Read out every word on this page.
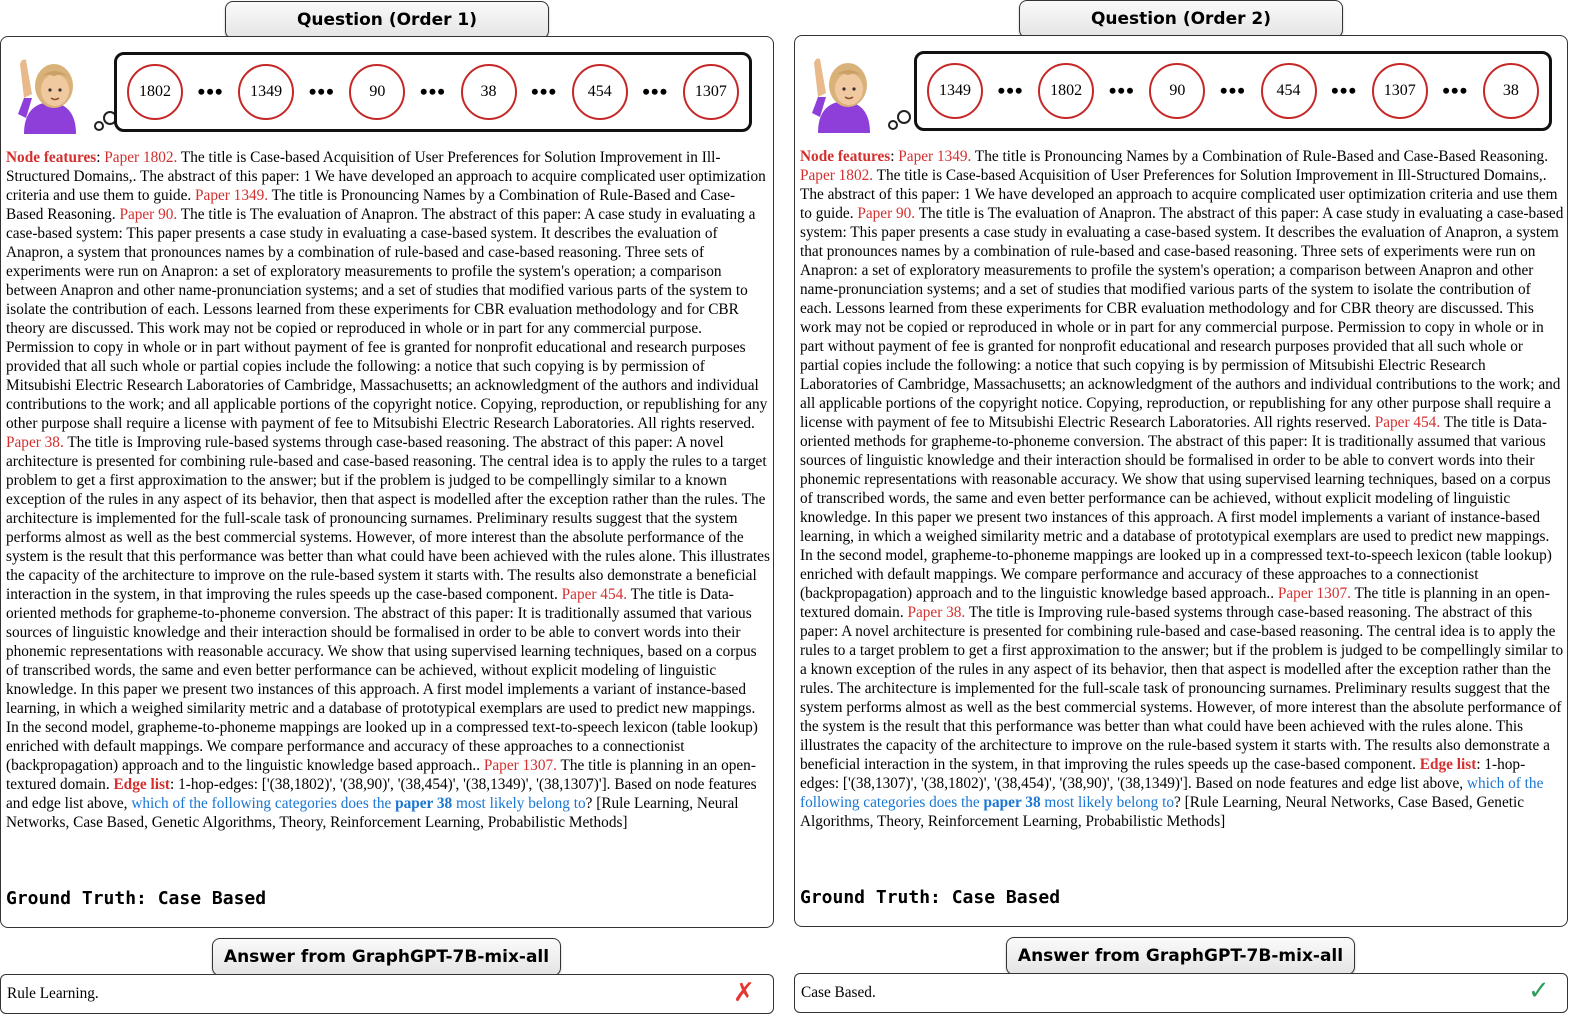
Question (Order 1)
1802	•••	1349	•••	90	•••	38	•••	454	•••	1307
Node features: Paper 1802. The title is Case-based Acquisition of User Preferences for Solution Improvement in Ill-Structured Domains,. The abstract of this paper: 1 We have developed an approach to acquire complicated user optimization criteria and use them to guide. Paper 1349. The title is Pronouncing Names by a Combination of Rule-Based and Case-Based Reasoning. Paper 90. The title is The evaluation of Anapron. The abstract of this paper: A case study in evaluating a case-based system: This paper presents a case study in evaluating a case-based system. It describes the evaluation of Anapron, a system that pronounces names by a combination of rule-based and case-based reasoning. Three sets of experiments were run on Anapron: a set of exploratory measurements to profile the system's operation; a comparison between Anapron and other name-pronunciation systems; and a set of studies that modified various parts of the system to isolate the contribution of each. Lessons learned from these experiments for CBR evaluation methodology and for CBR theory are discussed. This work may not be copied or reproduced in whole or in part for any commercial purpose. Permission to copy in whole or in part without payment of fee is granted for nonprofit educational and research purposes provided that all such whole or partial copies include the following: a notice that such copying is by permission of Mitsubishi Electric Research Laboratories of Cambridge, Massachusetts; an acknowledgment of the authors and individual contributions to the work; and all applicable portions of the copyright notice. Copying, reproduction, or republishing for any other purpose shall require a license with payment of fee to Mitsubishi Electric Research Laboratories. All rights reserved. Paper 38. The title is Improving rule-based systems through case-based reasoning. The abstract of this paper: A novel architecture is presented for combining rule-based and case-based reasoning. The central idea is to apply the rules to a target problem to get a first approximation to the answer; but if the problem is judged to be compellingly similar to a known exception of the rules in any aspect of its behavior, then that aspect is modelled after the exception rather than the rules. The architecture is implemented for the full-scale task of pronouncing surnames. Preliminary results suggest that the system performs almost as well as the best commercial systems. However, of more interest than the absolute performance of the system is the result that this performance was better than what could have been achieved with the rules alone. This illustrates the capacity of the architecture to improve on the rule-based system it starts with. The results also demonstrate a beneficial interaction in the system, in that improving the rules speeds up the case-based component. Paper 454. The title is Data-oriented methods for grapheme-to-phoneme conversion. The abstract of this paper: It is traditionally assumed that various sources of linguistic knowledge and their interaction should be formalised in order to be able to convert words into their phonemic representations with reasonable accuracy. We show that using supervised learning techniques, based on a corpus of transcribed words, the same and even better performance can be achieved, without explicit modeling of linguistic knowledge. In this paper we present two instances of this approach. A first model implements a variant of instance-based learning, in which a weighed similarity metric and a database of prototypical exemplars are used to predict new mappings. In the second model, grapheme-to-phoneme mappings are looked up in a compressed text-to-speech lexicon (table lookup) enriched with default mappings. We compare performance and accuracy of these approaches to a connectionist (backpropagation) approach and to the linguistic knowledge based approach.. Paper 1307. The title is planning in an open-textured domain. Edge list: 1-hop-edges: ['(38,1802)', '(38,90)', '(38,454)', '(38,1349)', '(38,1307)']. Based on node features and edge list above, which of the following categories does the paper 38 most likely belong to? [Rule Learning, Neural Networks, Case Based, Genetic Algorithms, Theory, Reinforcement Learning, Probabilistic Methods]
Ground Truth: Case Based
Answer from GraphGPT-7B-mix-all
Rule Learning.	✗
Question (Order 2)
1349	•••	1802	•••	90	•••	454	•••	1307	•••	38
Node features: Paper 1349. The title is Pronouncing Names by a Combination of Rule-Based and Case-Based Reasoning. Paper 1802. The title is Case-based Acquisition of User Preferences for Solution Improvement in Ill-Structured Domains,. The abstract of this paper: 1 We have developed an approach to acquire complicated user optimization criteria and use them to guide. Paper 90. The title is The evaluation of Anapron. The abstract of this paper: A case study in evaluating a case-based system: This paper presents a case study in evaluating a case-based system. It describes the evaluation of Anapron, a system that pronounces names by a combination of rule-based and case-based reasoning. Three sets of experiments were run on Anapron: a set of exploratory measurements to profile the system's operation; a comparison between Anapron and other name-pronunciation systems; and a set of studies that modified various parts of the system to isolate the contribution of each. Lessons learned from these experiments for CBR evaluation methodology and for CBR theory are discussed. This work may not be copied or reproduced in whole or in part for any commercial purpose. Permission to copy in whole or in part without payment of fee is granted for nonprofit educational and research purposes provided that all such whole or partial copies include the following: a notice that such copying is by permission of Mitsubishi Electric Research Laboratories of Cambridge, Massachusetts; an acknowledgment of the authors and individual contributions to the work; and all applicable portions of the copyright notice. Copying, reproduction, or republishing for any other purpose shall require a license with payment of fee to Mitsubishi Electric Research Laboratories. All rights reserved. Paper 454. The title is Data-oriented methods for grapheme-to-phoneme conversion. The abstract of this paper: It is traditionally assumed that various sources of linguistic knowledge and their interaction should be formalised in order to be able to convert words into their phonemic representations with reasonable accuracy. We show that using supervised learning techniques, based on a corpus of transcribed words, the same and even better performance can be achieved, without explicit modeling of linguistic knowledge. In this paper we present two instances of this approach. A first model implements a variant of instance-based learning, in which a weighed similarity metric and a database of prototypical exemplars are used to predict new mappings. In the second model, grapheme-to-phoneme mappings are looked up in a compressed text-to-speech lexicon (table lookup) enriched with default mappings. We compare performance and accuracy of these approaches to a connectionist (backpropagation) approach and to the linguistic knowledge based approach.. Paper 1307. The title is planning in an open-textured domain. Paper 38. The title is Improving rule-based systems through case-based reasoning. The abstract of this paper: A novel architecture is presented for combining rule-based and case-based reasoning. The central idea is to apply the rules to a target problem to get a first approximation to the answer; but if the problem is judged to be compellingly similar to a known exception of the rules in any aspect of its behavior, then that aspect is modelled after the exception rather than the rules. The architecture is implemented for the full-scale task of pronouncing surnames. Preliminary results suggest that the system performs almost as well as the best commercial systems. However, of more interest than the absolute performance of the system is the result that this performance was better than what could have been achieved with the rules alone. This illustrates the capacity of the architecture to improve on the rule-based system it starts with. The results also demonstrate a beneficial interaction in the system, in that improving the rules speeds up the case-based component. Edge list: 1-hop-edges: ['(38,1307)', '(38,1802)', '(38,454)', '(38,90)', '(38,1349)']. Based on node features and edge list above, which of the following categories does the paper 38 most likely belong to? [Rule Learning, Neural Networks, Case Based, Genetic Algorithms, Theory, Reinforcement Learning, Probabilistic Methods]
Ground Truth: Case Based
Answer from GraphGPT-7B-mix-all
Case Based.	✓
